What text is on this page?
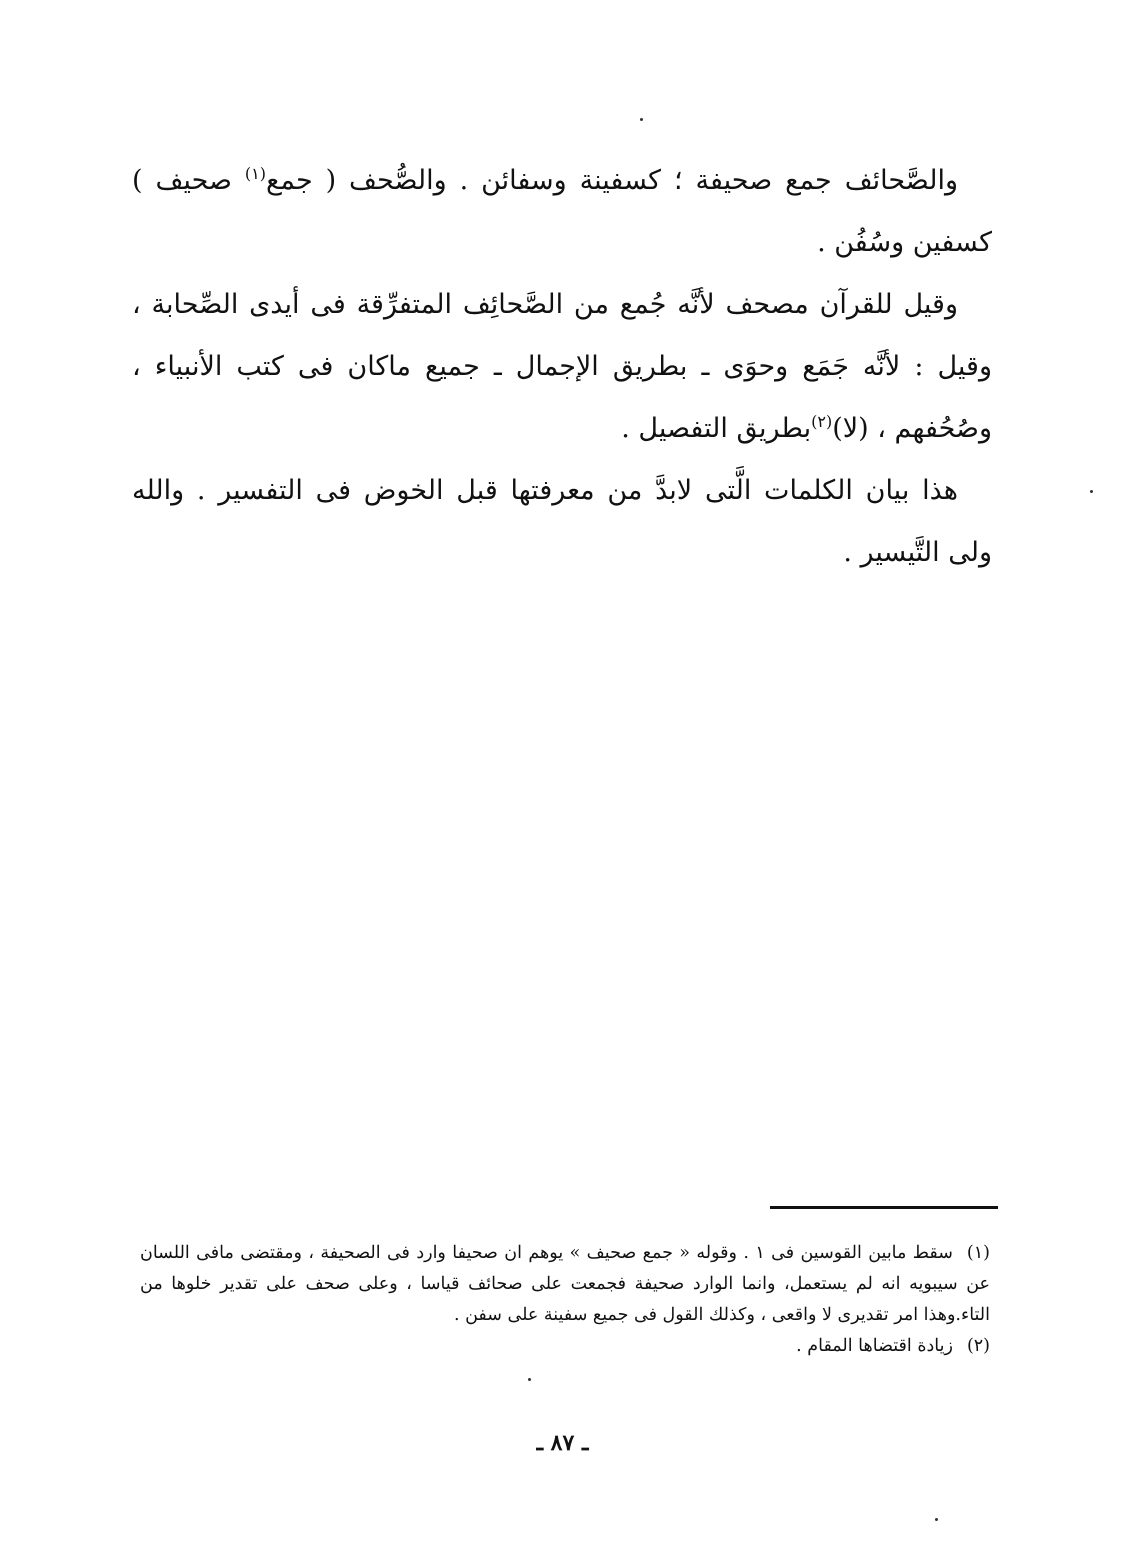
والصَّحائف جمع صحيفة ؛ كسفينة وسفائن . والصُّحف ( جمع$^{(١)}$ صحيف ) كسفين وسُفُن .

وقيل للقرآن مصحف لأنَّه جُمع من الصَّحائِف المتفرِّقة فى أيدى الصِّحابة ، وقيل : لأنَّه جَمَع وحوَى ـ بطريق الإجمال ـ جميع ماكان فى كتب الأنبياء ، وصُحُفهم ، (لا)$^{(٢)}$بطريق التفصيل .

هذا بيان الكلمات الَّتى لابدَّ من معرفتها قبل الخوض فى التفسير . والله ولى التَّيسير .

(١)سقط مابين القوسين فى ١ . وقوله « جمع صحيف » يوهم ان صحيفا وارد فى الصحيفة ، ومقتضى مافى اللسان عن سيبويه انه لم يستعمل، وانما الوارد صحيفة فجمعت على صحائف قياسا ، وعلى صحف على تقدير خلوها من التاء.وهذا امر تقديرى لا واقعى ، وكذلك القول فى جميع سفينة على سفن .

(٢)زيادة اقتضاها المقام .

ـ ٨٧ ـ
